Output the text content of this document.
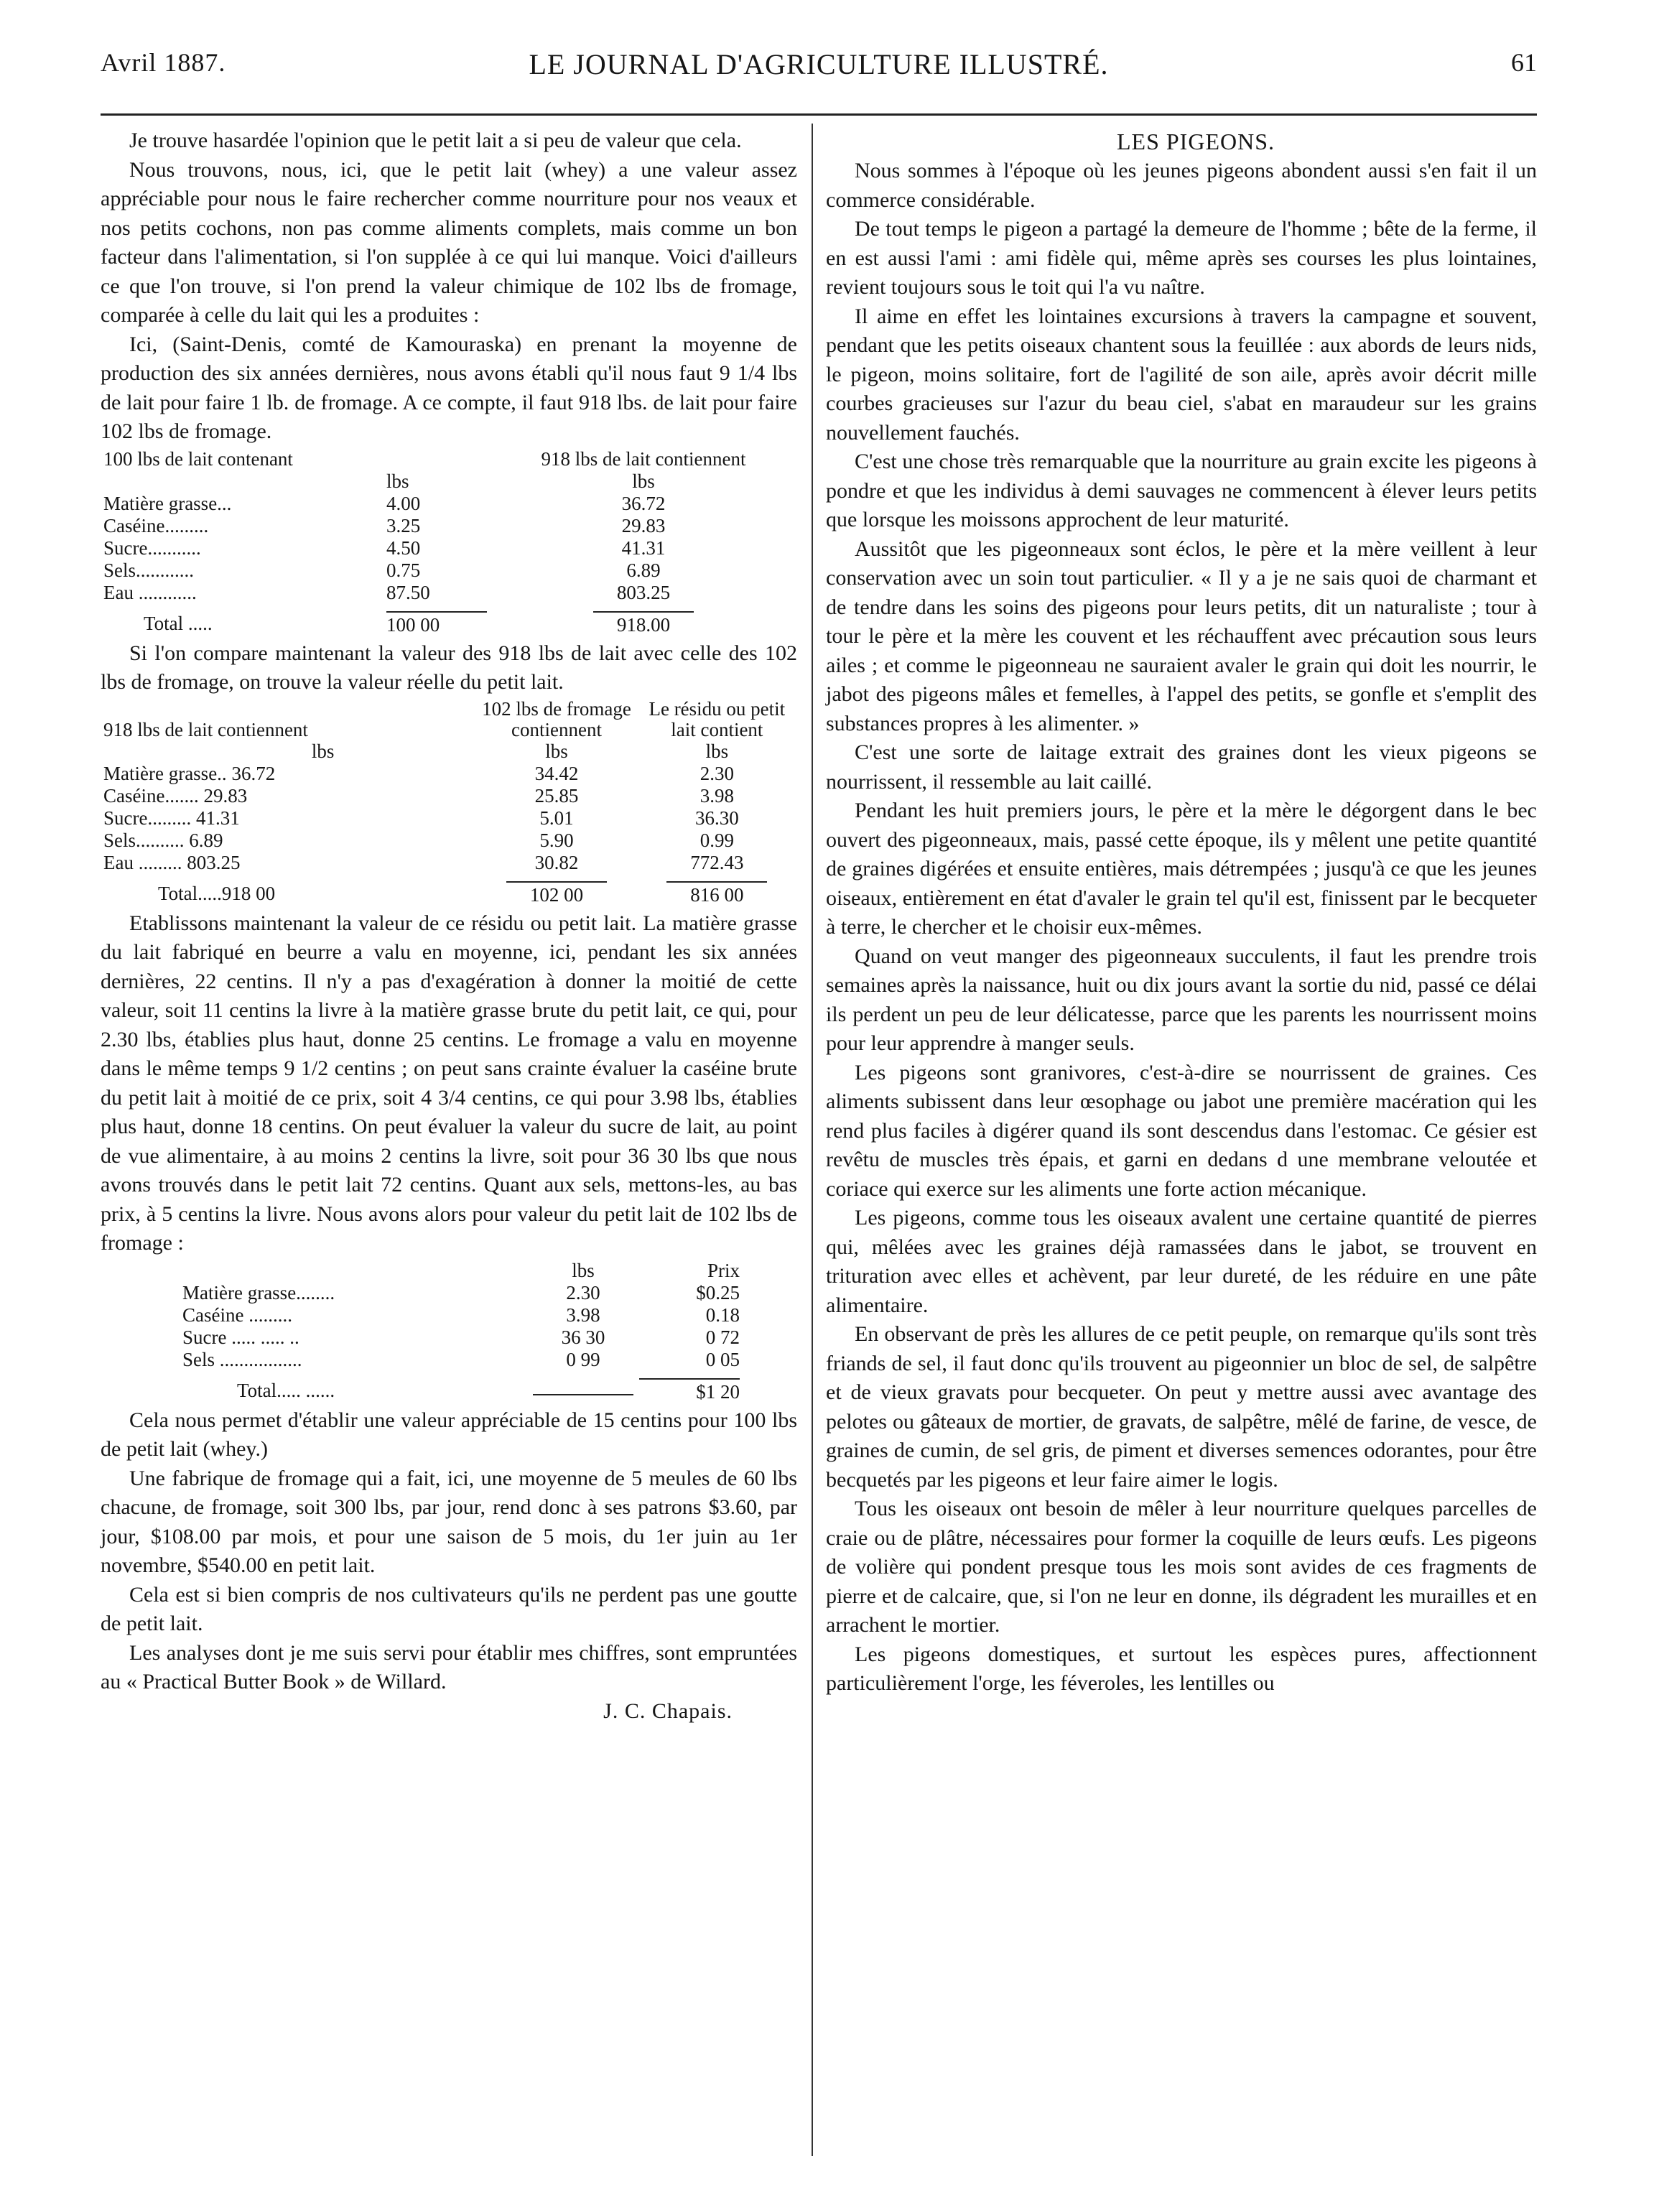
Avril 1887.	LE JOURNAL D'AGRICULTURE ILLUSTRÉ.	61

Je trouve hasardée l'opinion que le petit lait a si peu de valeur que cela.

Nous trouvons, nous, ici, que le petit lait (whey) a une valeur assez appréciable pour nous le faire rechercher comme nourriture pour nos veaux et nos petits cochons, non pas comme aliments complets, mais comme un bon facteur dans l'alimentation, si l'on supplée à ce qui lui manque. Voici d'ailleurs ce que l'on trouve, si l'on prend la valeur chimique de 102 lbs de fromage, comparée à celle du lait qui les a produites :

Ici, (Saint-Denis, comté de Kamouraska) en prenant la moyenne de production des six années dernières, nous avons établi qu'il nous faut 9 1/4 lbs de lait pour faire 1 lb. de fromage. A ce compte, il faut 918 lbs. de lait pour faire 102 lbs de fromage.

100 lbs de lait contenant		918 lbs de lait contiennent
	lbs	lbs
Matière grasse...	4.00	36.72
Caséine.........	3.25	29.83
Sucre...........	4.50	41.31
Sels............	0.75	6.89
Eau ............	87.50	803.25
Total .....	100 00	918.00

Si l'on compare maintenant la valeur des 918 lbs de lait avec celle des 102 lbs de fromage, on trouve la valeur réelle du petit lait.

918 lbs de lait contiennent	102 lbs de fromage contiennent	Le résidu ou petit lait contient
lbs	lbs	lbs
Matière grasse.. 36.72	34.42	2.30
Caséine....... 29.83	25.85	3.98
Sucre......... 41.31	5.01	36.30
Sels.......... 6.89	5.90	0.99
Eau ......... 803.25	30.82	772.43
Total.....918 00	102 00	816 00

Etablissons maintenant la valeur de ce résidu ou petit lait. La matière grasse du lait fabriqué en beurre a valu en moyenne, ici, pendant les six années dernières, 22 centins. Il n'y a pas d'exagération à donner la moitié de cette valeur, soit 11 centins la livre à la matière grasse brute du petit lait, ce qui, pour 2.30 lbs, établies plus haut, donne 25 centins. Le fromage a valu en moyenne dans le même temps 9 1/2 centins ; on peut sans crainte évaluer la caséine brute du petit lait à moitié de ce prix, soit 4 3/4 centins, ce qui pour 3.98 lbs, établies plus haut, donne 18 centins. On peut évaluer la valeur du sucre de lait, au point de vue alimentaire, à au moins 2 centins la livre, soit pour 36 30 lbs que nous avons trouvés dans le petit lait 72 centins. Quant aux sels, mettons-les, au bas prix, à 5 centins la livre. Nous avons alors pour valeur du petit lait de 102 lbs de fromage :

	lbs	Prix
Matière grasse........	2.30	$0.25
Caséine .........	3.98	0.18
Sucre ..... ..... ..	36 30	0 72
Sels .................	0 99	0 05
Total..... ......		$1 20

Cela nous permet d'établir une valeur appréciable de 15 centins pour 100 lbs de petit lait (whey.)

Une fabrique de fromage qui a fait, ici, une moyenne de 5 meules de 60 lbs chacune, de fromage, soit 300 lbs, par jour, rend donc à ses patrons $3.60, par jour, $108.00 par mois, et pour une saison de 5 mois, du 1er juin au 1er novembre, $540.00 en petit lait.

Cela est si bien compris de nos cultivateurs qu'ils ne perdent pas une goutte de petit lait.

Les analyses dont je me suis servi pour établir mes chiffres, sont empruntées au « Practical Butter Book » de Willard.

J. C. Chapais.

LES PIGEONS.

Nous sommes à l'époque où les jeunes pigeons abondent aussi s'en fait il un commerce considérable.

De tout temps le pigeon a partagé la demeure de l'homme ; bête de la ferme, il en est aussi l'ami : ami fidèle qui, même après ses courses les plus lointaines, revient toujours sous le toit qui l'a vu naître.

Il aime en effet les lointaines excursions à travers la campagne et souvent, pendant que les petits oiseaux chantent sous la feuillée : aux abords de leurs nids, le pigeon, moins solitaire, fort de l'agilité de son aile, après avoir décrit mille courbes gracieuses sur l'azur du beau ciel, s'abat en maraudeur sur les grains nouvellement fauchés.

C'est une chose très remarquable que la nourriture au grain excite les pigeons à pondre et que les individus à demi sauvages ne commencent à élever leurs petits que lorsque les moissons approchent de leur maturité.

Aussitôt que les pigeonneaux sont éclos, le père et la mère veillent à leur conservation avec un soin tout particulier. « Il y a je ne sais quoi de charmant et de tendre dans les soins des pigeons pour leurs petits, dit un naturaliste ; tour à tour le père et la mère les couvent et les réchauffent avec précaution sous leurs ailes ; et comme le pigeonneau ne sauraient avaler le grain qui doit les nourrir, le jabot des pigeons mâles et femelles, à l'appel des petits, se gonfle et s'emplit des substances propres à les alimenter. »

C'est une sorte de laitage extrait des graines dont les vieux pigeons se nourrissent, il ressemble au lait caillé.

Pendant les huit premiers jours, le père et la mère le dégorgent dans le bec ouvert des pigeonneaux, mais, passé cette époque, ils y mêlent une petite quantité de graines digérées et ensuite entières, mais détrempées ; jusqu'à ce que les jeunes oiseaux, entièrement en état d'avaler le grain tel qu'il est, finissent par le becqueter à terre, le chercher et le choisir eux-mêmes.

Quand on veut manger des pigeonneaux succulents, il faut les prendre trois semaines après la naissance, huit ou dix jours avant la sortie du nid, passé ce délai ils perdent un peu de leur délicatesse, parce que les parents les nourrissent moins pour leur apprendre à manger seuls.

Les pigeons sont granivores, c'est-à-dire se nourrissent de graines. Ces aliments subissent dans leur œsophage ou jabot une première macération qui les rend plus faciles à digérer quand ils sont descendus dans l'estomac. Ce gésier est revêtu de muscles très épais, et garni en dedans d une membrane veloutée et coriace qui exerce sur les aliments une forte action mécanique.

Les pigeons, comme tous les oiseaux avalent une certaine quantité de pierres qui, mêlées avec les graines déjà ramassées dans le jabot, se trouvent en trituration avec elles et achèvent, par leur dureté, de les réduire en une pâte alimentaire.

En observant de près les allures de ce petit peuple, on remarque qu'ils sont très friands de sel, il faut donc qu'ils trouvent au pigeonnier un bloc de sel, de salpêtre et de vieux gravats pour becqueter. On peut y mettre aussi avec avantage des pelotes ou gâteaux de mortier, de gravats, de salpêtre, mêlé de farine, de vesce, de graines de cumin, de sel gris, de piment et diverses semences odorantes, pour être becquetés par les pigeons et leur faire aimer le logis.

Tous les oiseaux ont besoin de mêler à leur nourriture quelques parcelles de craie ou de plâtre, nécessaires pour former la coquille de leurs œufs. Les pigeons de volière qui pondent presque tous les mois sont avides de ces fragments de pierre et de calcaire, que, si l'on ne leur en donne, ils dégradent les murailles et en arrachent le mortier.

Les pigeons domestiques, et surtout les espèces pures, affectionnent particulièrement l'orge, les féveroles, les lentilles ou
